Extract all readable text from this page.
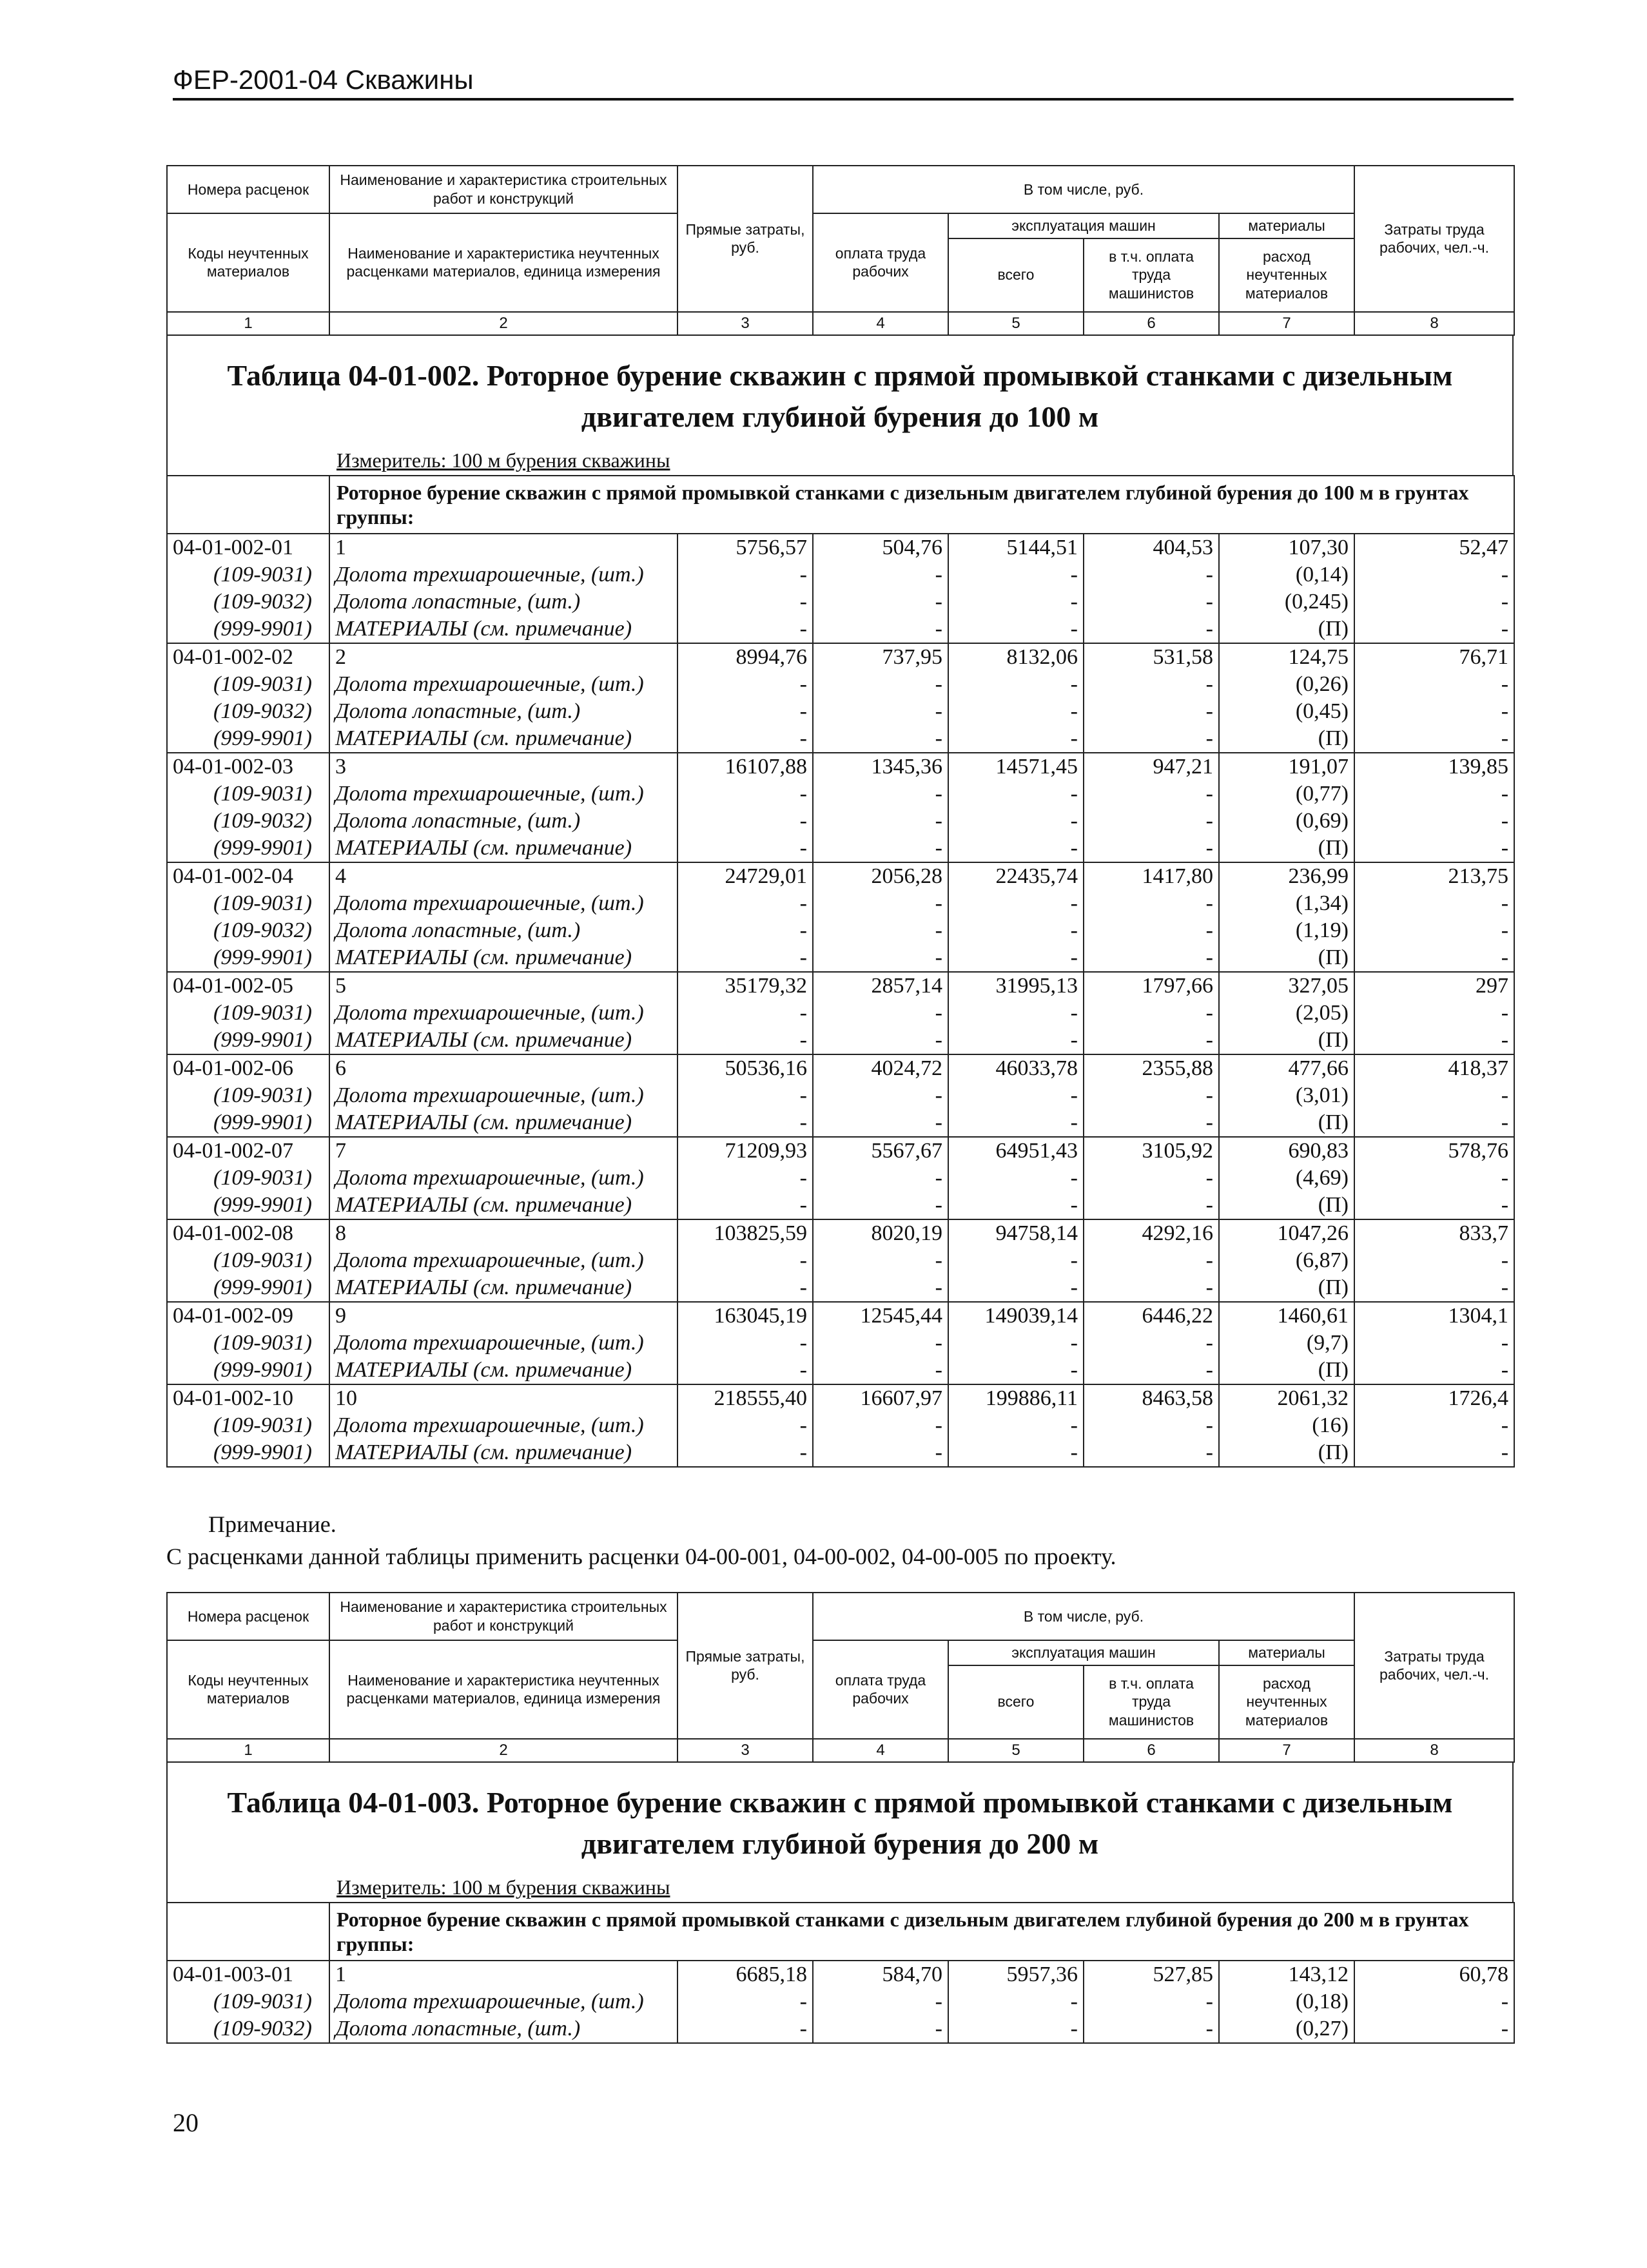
ФЕР-2001-04 Скважины
Номера расценок	Наименование и характеристика строительных работ и конструкций	Прямые затраты, руб.	В том числе, руб.				Затраты труда рабочих, чел.-ч.
Коды неучтенных материалов	Наименование и характеристика неучтенных расценками материалов, единица измерения		оплата труда рабочих	эксплуатация машин		материалы	
				всего	в т.ч. оплата труда машинистов	расход неучтенных материалов	
1	2	3	4	5	6	7	8
Таблица 04-01-002. Роторное бурение скважин с прямой промывкой станками с дизельным
двигателем глубиной бурения до 100 м
Измеритель: 100 м бурения скважины
	Роторное бурение скважин с прямой промывкой станками с дизельным двигателем глубиной бурения до 100 м в грунтах группы:						
04-01-002-01	1	5756,57	504,76	5144,51	404,53	107,30	52,47
(109-9031)	Долота трехшарошечные, (шт.)	-	-	-	-	(0,14)	-
(109-9032)	Долота лопастные, (шт.)	-	-	-	-	(0,245)	-
(999-9901)	МАТЕРИАЛЫ (см. примечание)	-	-	-	-	(П)	-
04-01-002-02	2	8994,76	737,95	8132,06	531,58	124,75	76,71
(109-9031)	Долота трехшарошечные, (шт.)	-	-	-	-	(0,26)	-
(109-9032)	Долота лопастные, (шт.)	-	-	-	-	(0,45)	-
(999-9901)	МАТЕРИАЛЫ (см. примечание)	-	-	-	-	(П)	-
04-01-002-03	3	16107,88	1345,36	14571,45	947,21	191,07	139,85
(109-9031)	Долота трехшарошечные, (шт.)	-	-	-	-	(0,77)	-
(109-9032)	Долота лопастные, (шт.)	-	-	-	-	(0,69)	-
(999-9901)	МАТЕРИАЛЫ (см. примечание)	-	-	-	-	(П)	-
04-01-002-04	4	24729,01	2056,28	22435,74	1417,80	236,99	213,75
(109-9031)	Долота трехшарошечные, (шт.)	-	-	-	-	(1,34)	-
(109-9032)	Долота лопастные, (шт.)	-	-	-	-	(1,19)	-
(999-9901)	МАТЕРИАЛЫ (см. примечание)	-	-	-	-	(П)	-
04-01-002-05	5	35179,32	2857,14	31995,13	1797,66	327,05	297
(109-9031)	Долота трехшарошечные, (шт.)	-	-	-	-	(2,05)	-
(999-9901)	МАТЕРИАЛЫ (см. примечание)	-	-	-	-	(П)	-
04-01-002-06	6	50536,16	4024,72	46033,78	2355,88	477,66	418,37
(109-9031)	Долота трехшарошечные, (шт.)	-	-	-	-	(3,01)	-
(999-9901)	МАТЕРИАЛЫ (см. примечание)	-	-	-	-	(П)	-
04-01-002-07	7	71209,93	5567,67	64951,43	3105,92	690,83	578,76
(109-9031)	Долота трехшарошечные, (шт.)	-	-	-	-	(4,69)	-
(999-9901)	МАТЕРИАЛЫ (см. примечание)	-	-	-	-	(П)	-
04-01-002-08	8	103825,59	8020,19	94758,14	4292,16	1047,26	833,7
(109-9031)	Долота трехшарошечные, (шт.)	-	-	-	-	(6,87)	-
(999-9901)	МАТЕРИАЛЫ (см. примечание)	-	-	-	-	(П)	-
04-01-002-09	9	163045,19	12545,44	149039,14	6446,22	1460,61	1304,1
(109-9031)	Долота трехшарошечные, (шт.)	-	-	-	-	(9,7)	-
(999-9901)	МАТЕРИАЛЫ (см. примечание)	-	-	-	-	(П)	-
04-01-002-10	10	218555,40	16607,97	199886,11	8463,58	2061,32	1726,4
(109-9031)	Долота трехшарошечные, (шт.)	-	-	-	-	(16)	-
(999-9901)	МАТЕРИАЛЫ (см. примечание)	-	-	-	-	(П)	-
Примечание.
С расценками данной таблицы применить расценки 04-00-001, 04-00-002, 04-00-005 по проекту.
Номера расценок	Наименование и характеристика строительных работ и конструкций	Прямые затраты, руб.	В том числе, руб.				Затраты труда рабочих, чел.-ч.
Коды неучтенных материалов	Наименование и характеристика неучтенных расценками материалов, единица измерения		оплата труда рабочих	эксплуатация машин		материалы	
				всего	в т.ч. оплата труда машинистов	расход неучтенных материалов	
1	2	3	4	5	6	7	8
Таблица 04-01-003. Роторное бурение скважин с прямой промывкой станками с дизельным
двигателем глубиной бурения до 200 м
Измеритель: 100 м бурения скважины
	Роторное бурение скважин с прямой промывкой станками с дизельным двигателем глубиной бурения до 200 м в грунтах группы:						
04-01-003-01	1	6685,18	584,70	5957,36	527,85	143,12	60,78
(109-9031)	Долота трехшарошечные, (шт.)	-	-	-	-	(0,18)	-
(109-9032)	Долота лопастные, (шт.)	-	-	-	-	(0,27)	-
20
